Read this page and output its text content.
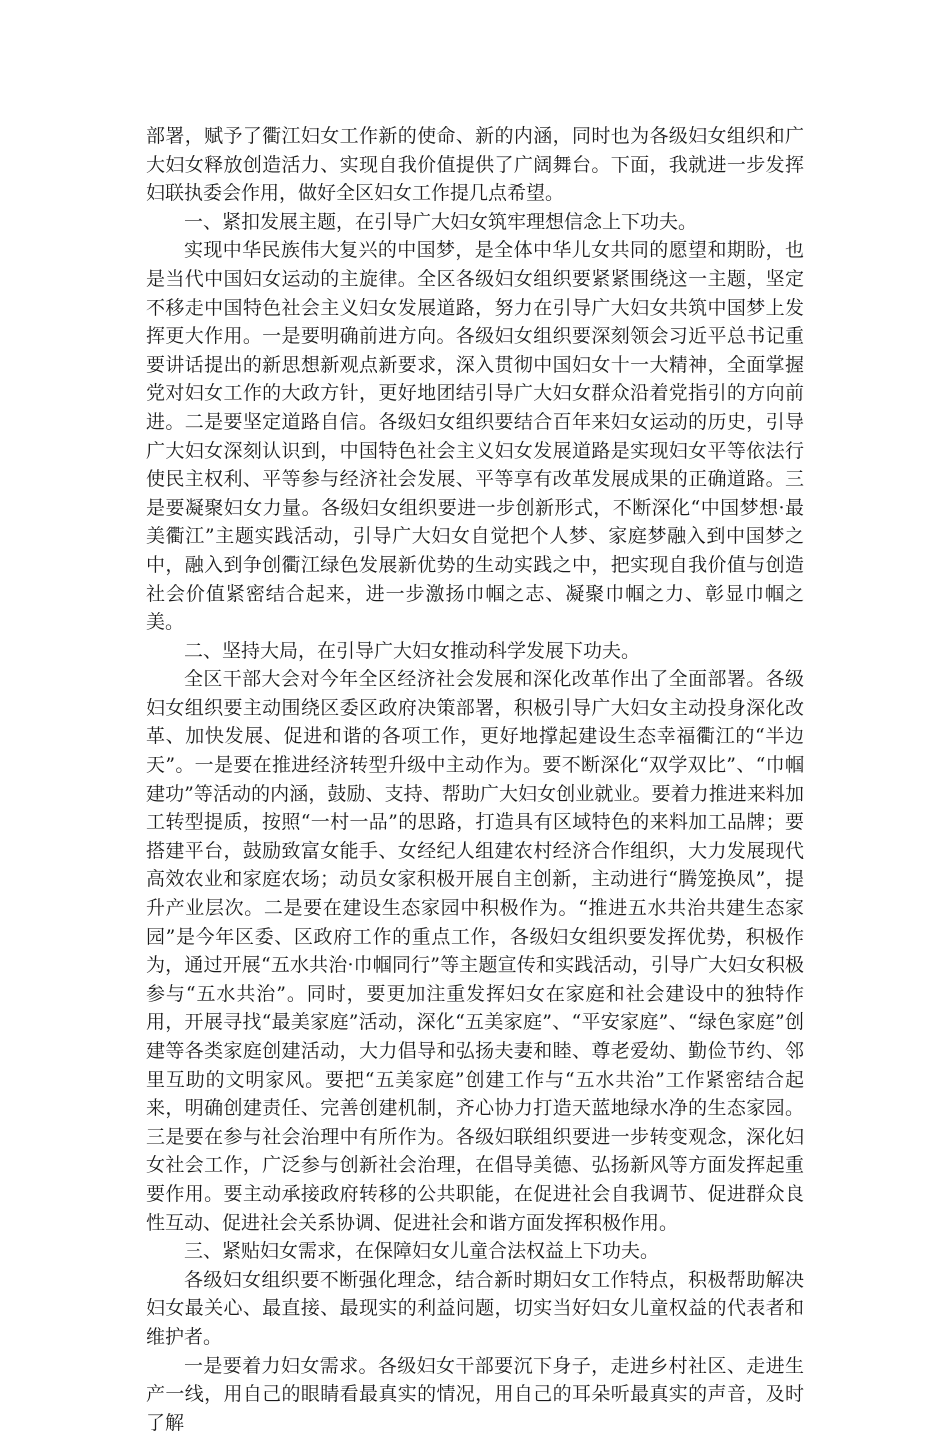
部署，赋予了衢江妇女工作新的使命、新的内涵，同时也为各级妇女组织和广大妇女释放创造活力、实现自我价值提供了广阔舞台。下面，我就进一步发挥妇联执委会作用，做好全区妇女工作提几点希望。

一、紧扣发展主题，在引导广大妇女筑牢理想信念上下功夫。

实现中华民族伟大复兴的中国梦，是全体中华儿女共同的愿望和期盼，也是当代中国妇女运动的主旋律。全区各级妇女组织要紧紧围绕这一主题，坚定不移走中国特色社会主义妇女发展道路，努力在引导广大妇女共筑中国梦上发挥更大作用。一是要明确前进方向。各级妇女组织要深刻领会习近平总书记重要讲话提出的新思想新观点新要求，深入贯彻中国妇女十一大精神，全面掌握党对妇女工作的大政方针，更好地团结引导广大妇女群众沿着党指引的方向前进。二是要坚定道路自信。各级妇女组织要结合百年来妇女运动的历史，引导广大妇女深刻认识到，中国特色社会主义妇女发展道路是实现妇女平等依法行使民主权利、平等参与经济社会发展、平等享有改革发展成果的正确道路。三是要凝聚妇女力量。各级妇女组织要进一步创新形式，不断深化“中国梦想·最美衢江”主题实践活动，引导广大妇女自觉把个人梦、家庭梦融入到中国梦之中，融入到争创衢江绿色发展新优势的生动实践之中，把实现自我价值与创造社会价值紧密结合起来，进一步激扬巾帼之志、凝聚巾帼之力、彰显巾帼之美。

二、坚持大局，在引导广大妇女推动科学发展下功夫。

全区干部大会对今年全区经济社会发展和深化改革作出了全面部署。各级妇女组织要主动围绕区委区政府决策部署，积极引导广大妇女主动投身深化改革、加快发展、促进和谐的各项工作，更好地撑起建设生态幸福衢江的“半边天”。一是要在推进经济转型升级中主动作为。要不断深化“双学双比”、“巾帼建功”等活动的内涵，鼓励、支持、帮助广大妇女创业就业。要着力推进来料加工转型提质，按照“一村一品”的思路，打造具有区域特色的来料加工品牌；要搭建平台，鼓励致富女能手、女经纪人组建农村经济合作组织，大力发展现代高效农业和家庭农场；动员女家积极开展自主创新，主动进行“腾笼换凤”，提升产业层次。二是要在建设生态家园中积极作为。“推进五水共治共建生态家园”是今年区委、区政府工作的重点工作，各级妇女组织要发挥优势，积极作为，通过开展“五水共治·巾帼同行”等主题宣传和实践活动，引导广大妇女积极参与“五水共治”。同时，要更加注重发挥妇女在家庭和社会建设中的独特作用，开展寻找“最美家庭”活动，深化“五美家庭”、“平安家庭”、“绿色家庭”创建等各类家庭创建活动，大力倡导和弘扬夫妻和睦、尊老爱幼、勤俭节约、邻里互助的文明家风。要把“五美家庭”创建工作与“五水共治”工作紧密结合起来，明确创建责任、完善创建机制，齐心协力打造天蓝地绿水净的生态家园。三是要在参与社会治理中有所作为。各级妇联组织要进一步转变观念，深化妇女社会工作，广泛参与创新社会治理，在倡导美德、弘扬新风等方面发挥起重要作用。要主动承接政府转移的公共职能，在促进社会自我调节、促进群众良性互动、促进社会关系协调、促进社会和谐方面发挥积极作用。

三、紧贴妇女需求，在保障妇女儿童合法权益上下功夫。

各级妇女组织要不断强化理念，结合新时期妇女工作特点，积极帮助解决妇女最关心、最直接、最现实的利益问题，切实当好妇女儿童权益的代表者和维护者。

一是要着力妇女需求。各级妇女干部要沉下身子，走进乡村社区、走进生产一线，用自己的眼睛看最真实的情况，用自己的耳朵听最真实的声音，及时了解
